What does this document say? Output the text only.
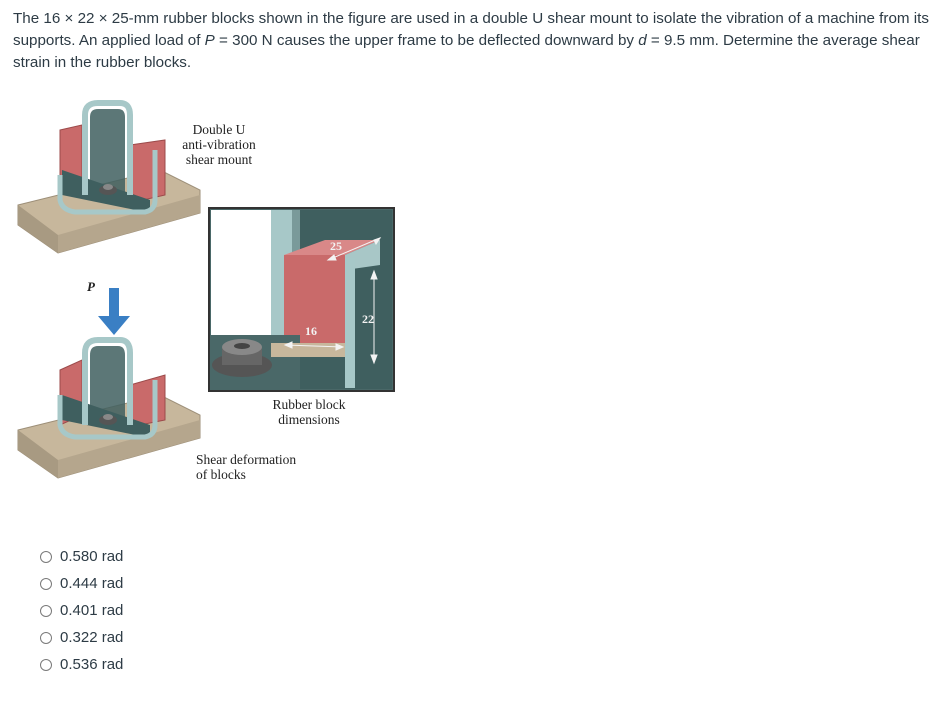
The 16 × 22 × 25-mm rubber blocks shown in the figure are used in a double U shear mount to isolate the vibration of a machine from its supports. An applied load of P = 300 N causes the upper frame to be deflected downward by d = 9.5 mm. Determine the average shear strain in the rubber blocks.
P
25
16
22
Double U
anti-vibration
shear mount
Rubber block
dimensions
Shear deformation
of blocks
0.580 rad
0.444 rad
0.401 rad
0.322 rad
0.536 rad
